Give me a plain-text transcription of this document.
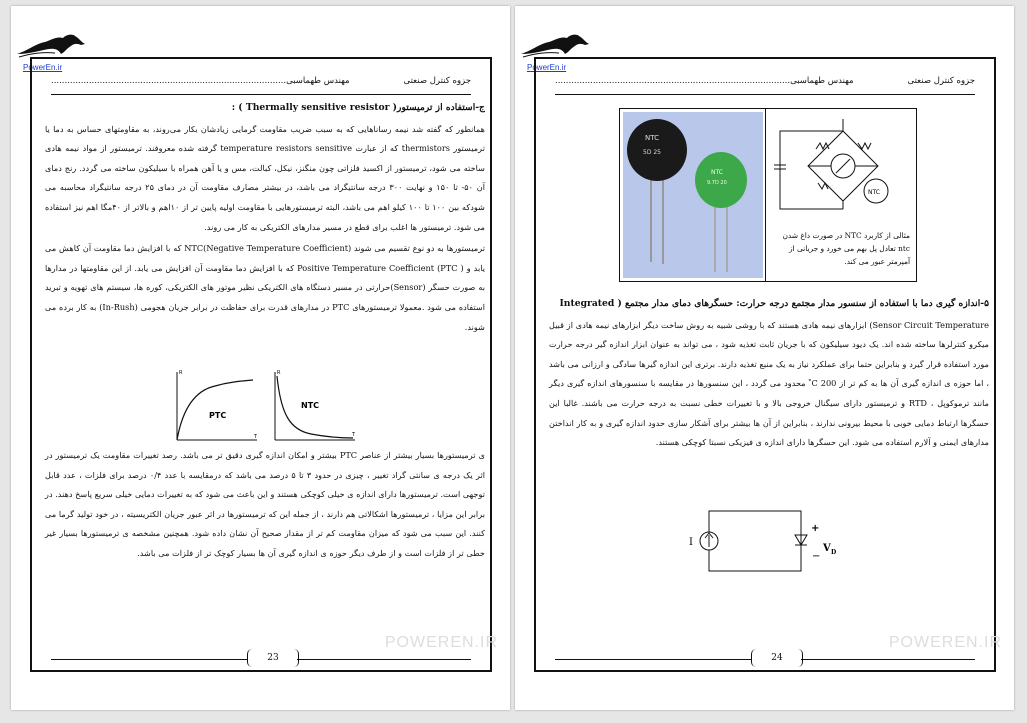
PowerEn.ir
جزوه کنترل صنعتی
مهندس طهماسبی.......................................................................................

ج-استفاده از ترمیستور( Thermally sensitive resistor ) :

همانطور که گفته شد نیمه رساناهایی که به سبب ضریب مقاومت گرمایی زیادشان بکار می‌روند، به مقاومتهای حساس به دما یا ترمیستور thermistors که از عبارت temperature resistors sensitive گرفته شده معروفند. ترمیستور از مواد نیمه هادی ساخته می شود، ترمیستور از اکسید فلزاتی چون منگنز، نیکل، کبالت، مس و یا آهن همراه با سیلیکون ساخته می گردد. رنج دمای آن ۵۰- تا ۱۵۰ و نهایت ۳۰۰ درجه سانتیگراد می باشد، در بیشتر مصارف مقاومت آن در دمای ۲۵ درجه سانتیگراد محاسبه می شودکه بین ۱۰۰ تا ۱۰۰ کیلو اهم می باشد، البته ترمیستورهایی با مقاومت اولیه پایین تر از ۱۰اهم و بالاتر از ۴۰مگا اهم نیز استفاده می شود. ترمیستور ها اغلب برای قطع در مسیر مدارهای الکتریکی به کار می روند.

ترمیستورها به دو نوع تقسیم می شوند NTC(Negative Temperature Coefficient) که با افزایش دما مقاومت آن کاهش می یابد و ( PTC) Positive Temperature Coefficient که با افزایش دما مقاومت آن افزایش می یابد. از این مقاومتها در مدارها به صورت حسگر (Sensor)حرارتی در مسیر دستگاه های الکتریکی نظیر موتور های الکتریکی، کوره ها، سیستم های تهویه و تبرید استفاده می شود .معمولا ترمیستورهای PTC در مدارهای قدرت برای حفاظت در برابر جریان هجومی (In-Rush) به کار برده می شوند.

R
T
PTC
R
T
NTC

ی ترمیستورها بسیار بیشتر از عناصر PTC بیشتر و امکان اندازه گیری دقیق تر می باشد. رصد تغییرات مقاومت یک ترمیستور در اثر یک درجه ی سانتی گراد تغییر ، چیزی در حدود ۳ تا ۵ درصد می باشد که درمقایسه با عدد ۰/۴ درصد برای فلزات ، عدد قابل توجهی است. ترمیستورها دارای اندازه ی خیلی کوچکی هستند و این باعث می شود که به تغییرات دمایی خیلی سریع پاسخ دهند. در برابر این مزایا ، ترمیستورها اشکالاتی هم دارند ، از جمله این که ترمیستورها در اثر عبور جریان الکتریسیته ، در خود تولید گرما می کنند. این سبب می شود که میزان مقاومت کم تر از مقدار صحیح آن نشان داده شود. همچنین مشخصه ی ترمیستورها بسیار غیر خطی تر از فلزات است و از طرف دیگر حوزه ی اندازه گیری آن ها بسیار کوچک تر از فلزات می باشد.

23
POWEREN.IR
PowerEn.ir
جزوه کنترل صنعتی
مهندس طهماسبی.......................................................................................
NTC
5D 25
NTC
9.7D 20
NTC
مثالی از کاربرد NTC در صورت داغ شدن ntc تعادل پل بهم می خورد و جریانی از آمپرمتر عبور می کند.

۵-اندازه گیری دما با استفاده از سنسور مدار مجتمع درجه حرارت: حسگرهای دمای مدار مجتمع ( Integrated

Sensor Circuit Temperature) ابزارهای نیمه هادی هستند که با روشی شبیه به روش ساخت دیگر ابزارهای نیمه هادی از قبیل میکرو کنترلرها ساخته شده اند. یک دیود سیلیکون که با جریان ثابت تغذیه شود ، می تواند به عنوان ابزار اندازه گیر درجه حرارت مورد استفاده قرار گیرد و بنابراین حتما برای عملکرد نیاز به یک منبع تغذیه دارند. برتری این اندازه گیرها سادگی و ارزانی می باشد ، اما حوزه ی اندازه گیری آن ها به کم تر از C 200 ْ محدود می گردد ، این سنسورها در مقایسه با سنسورهای اندازه گیری دیگر مانند ترموکوپل ، RTD و ترمیستور دارای سیگنال خروجی بالا و با تغییرات خطی نسبت به درجه حرارت می باشند. غالبا این حسگرها ارتباط دمایی خوبی با محیط بیرونی ندارند ، بنابراین از آن ها بیشتر برای آشکار سازی حدود اندازه گیری و به کار انداختن مدارهای ایمنی و آلارم استفاده می شود. این حسگرها دارای اندازه ی فیزیکی نسبتا کوچکی هستند.

I
+
−
V D
24
POWEREN.IR
